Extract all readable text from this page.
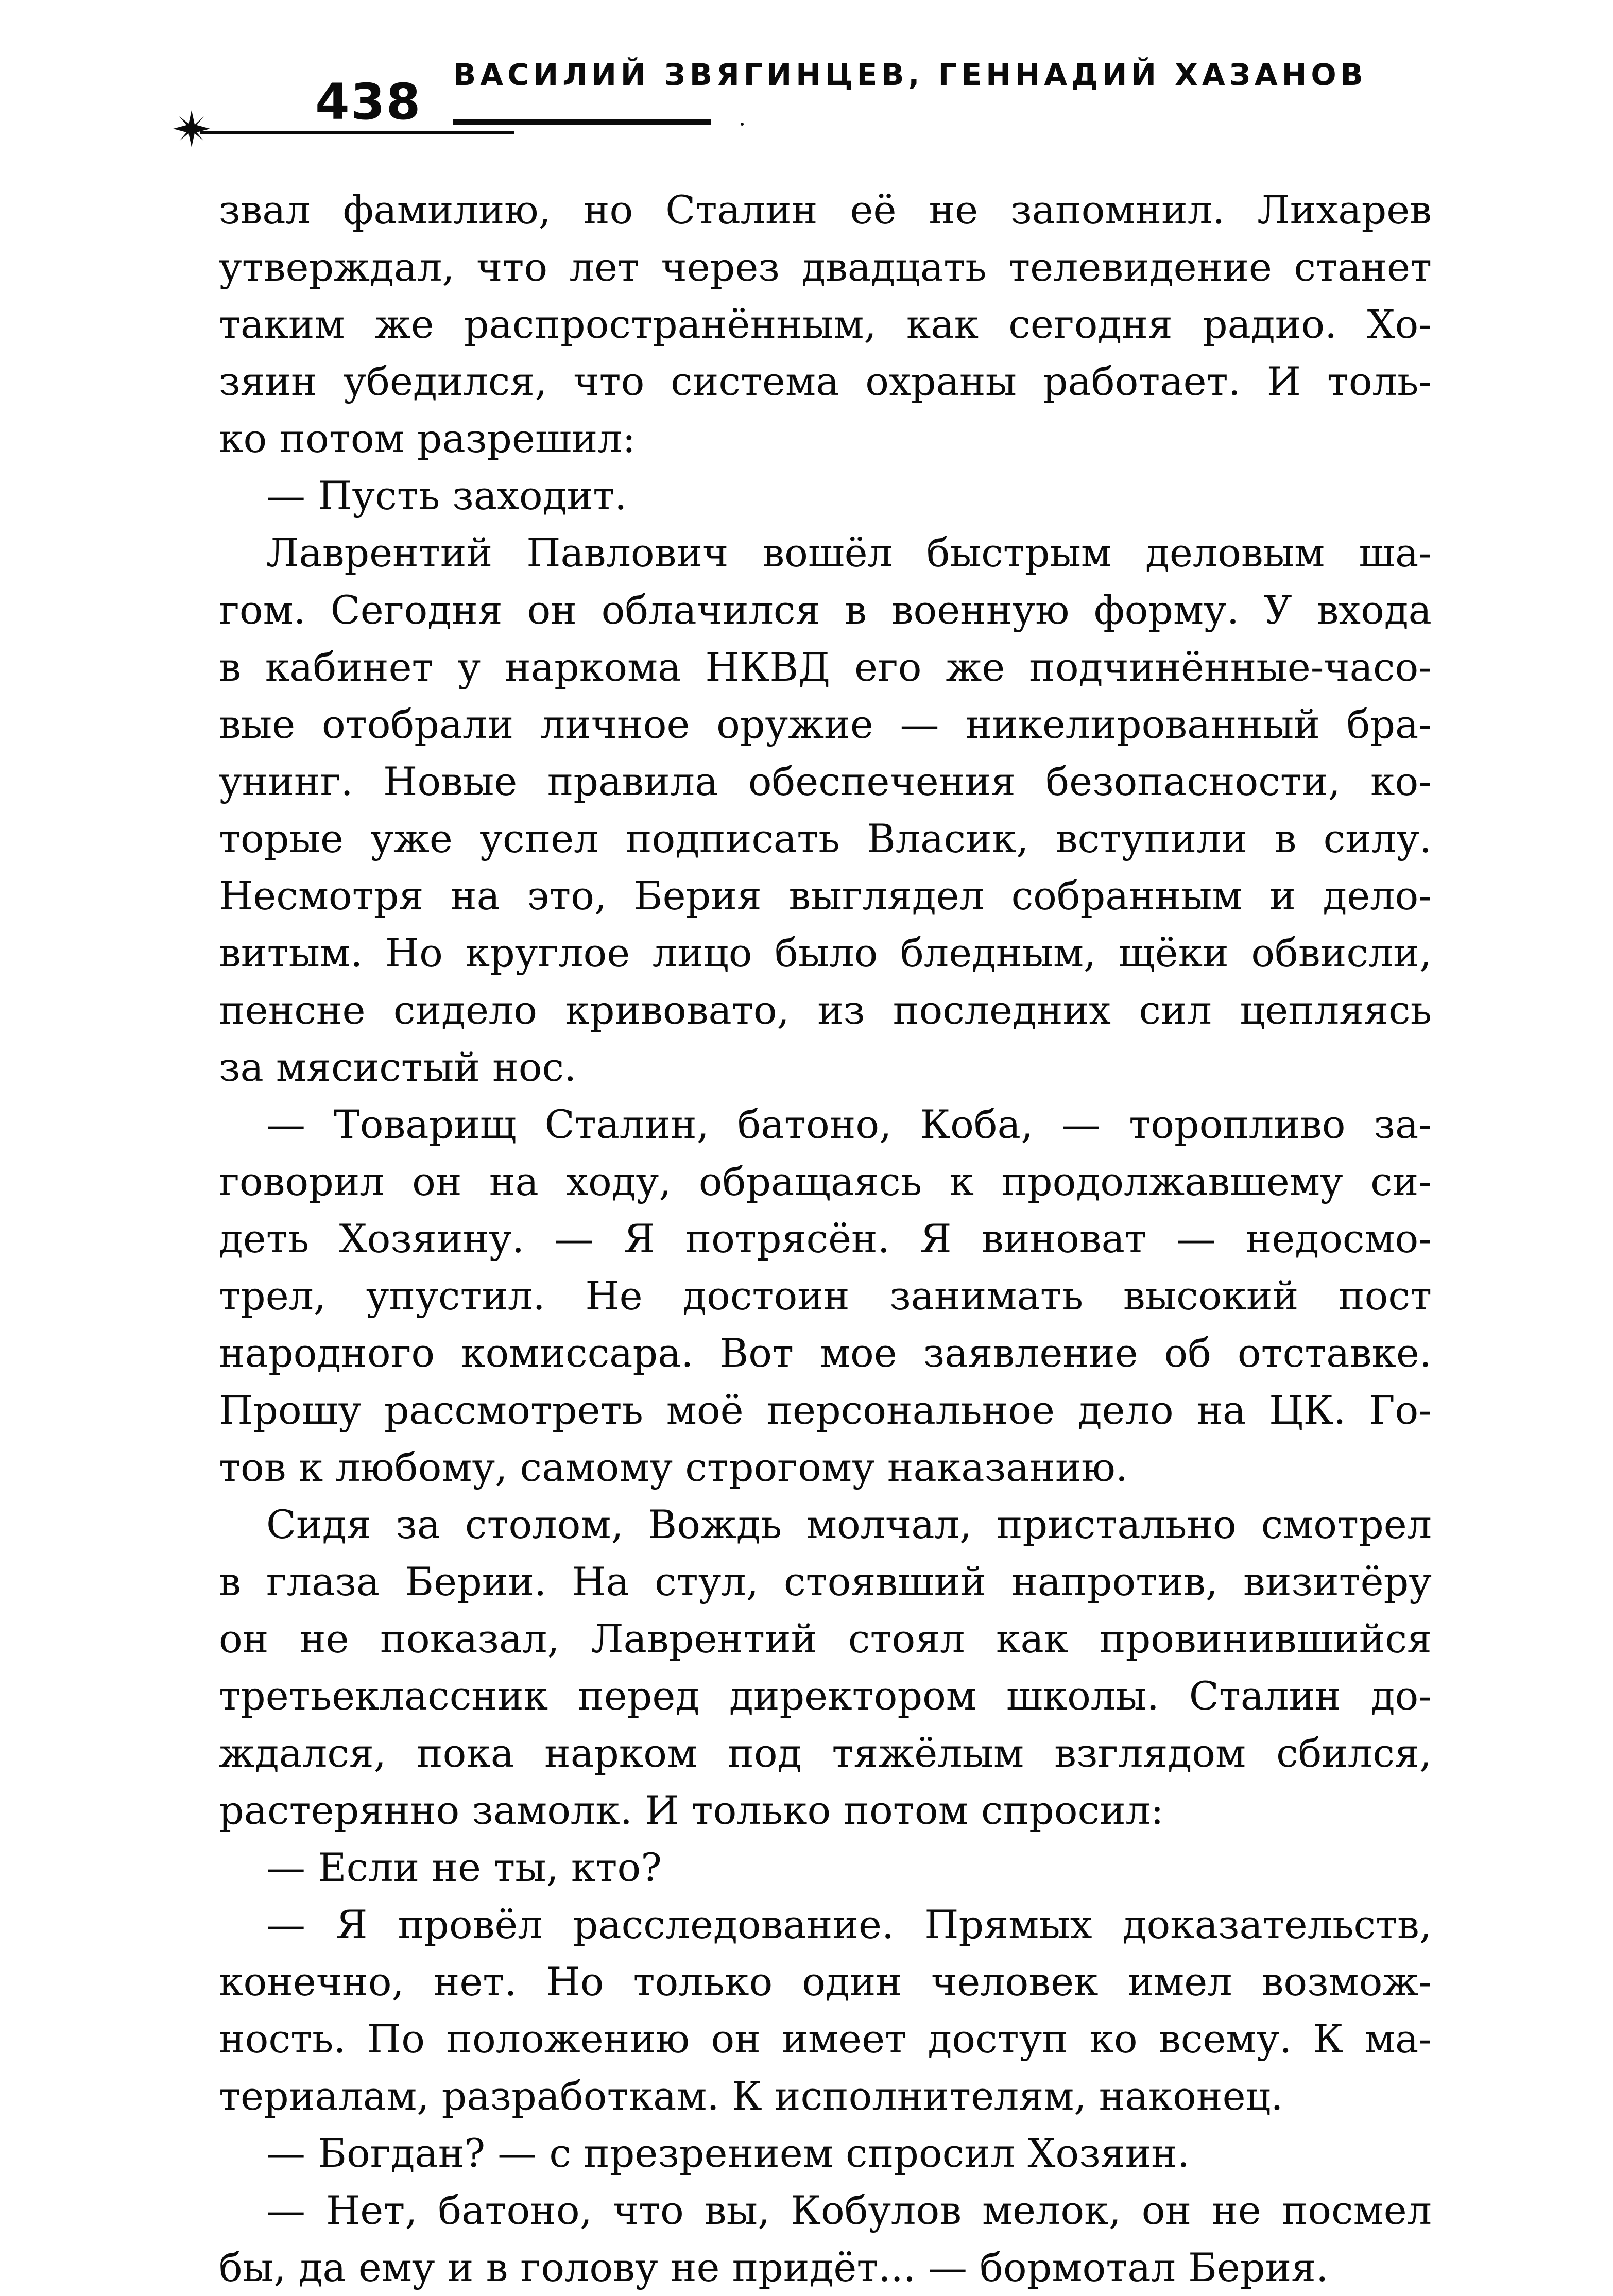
438 ВАСИЛИЙ ЗВЯГИНЦЕВ, ГЕННАДИЙ ХАЗАНОВ
звал фамилию, но Сталин её не запомнил. Лихарев
утверждал, что лет через двадцать телевидение станет
таким же распространённым, как сегодня радио. Хо-
зяин убедился, что система охраны работает. И толь-
ко потом разрешил:
— Пусть заходит.
Лаврентий Павлович вошёл быстрым деловым ша-
гом. Сегодня он облачился в военную форму. У входа
в кабинет у наркома НКВД его же подчинённые-часо-
вые отобрали личное оружие — никелированный бра-
унинг. Новые правила обеспечения безопасности, ко-
торые уже успел подписать Власик, вступили в силу.
Несмотря на это, Берия выглядел собранным и дело-
витым. Но круглое лицо было бледным, щёки обвисли,
пенсне сидело кривовато, из последних сил цепляясь
за мясистый нос.
— Товарищ Сталин, батоно, Коба, — торопливо за-
говорил он на ходу, обращаясь к продолжавшему си-
деть Хозяину. — Я потрясён. Я виноват — недосмо-
трел, упустил. Не достоин занимать высокий пост
народного комиссара. Вот мое заявление об отставке.
Прошу рассмотреть моё персональное дело на ЦК. Го-
тов к любому, самому строгому наказанию.
Сидя за столом, Вождь молчал, пристально смотрел
в глаза Берии. На стул, стоявший напротив, визитёру
он не показал, Лаврентий стоял как провинившийся
третьеклассник перед директором школы. Сталин до-
ждался, пока нарком под тяжёлым взглядом сбился,
растерянно замолк. И только потом спросил:
— Если не ты, кто?
— Я провёл расследование. Прямых доказательств,
конечно, нет. Но только один человек имел возмож-
ность. По положению он имеет доступ ко всему. К ма-
териалам, разработкам. К исполнителям, наконец.
— Богдан? — с презрением спросил Хозяин.
— Нет, батоно, что вы, Кобулов мелок, он не посмел
бы, да ему и в голову не придёт... — бормотал Берия.
